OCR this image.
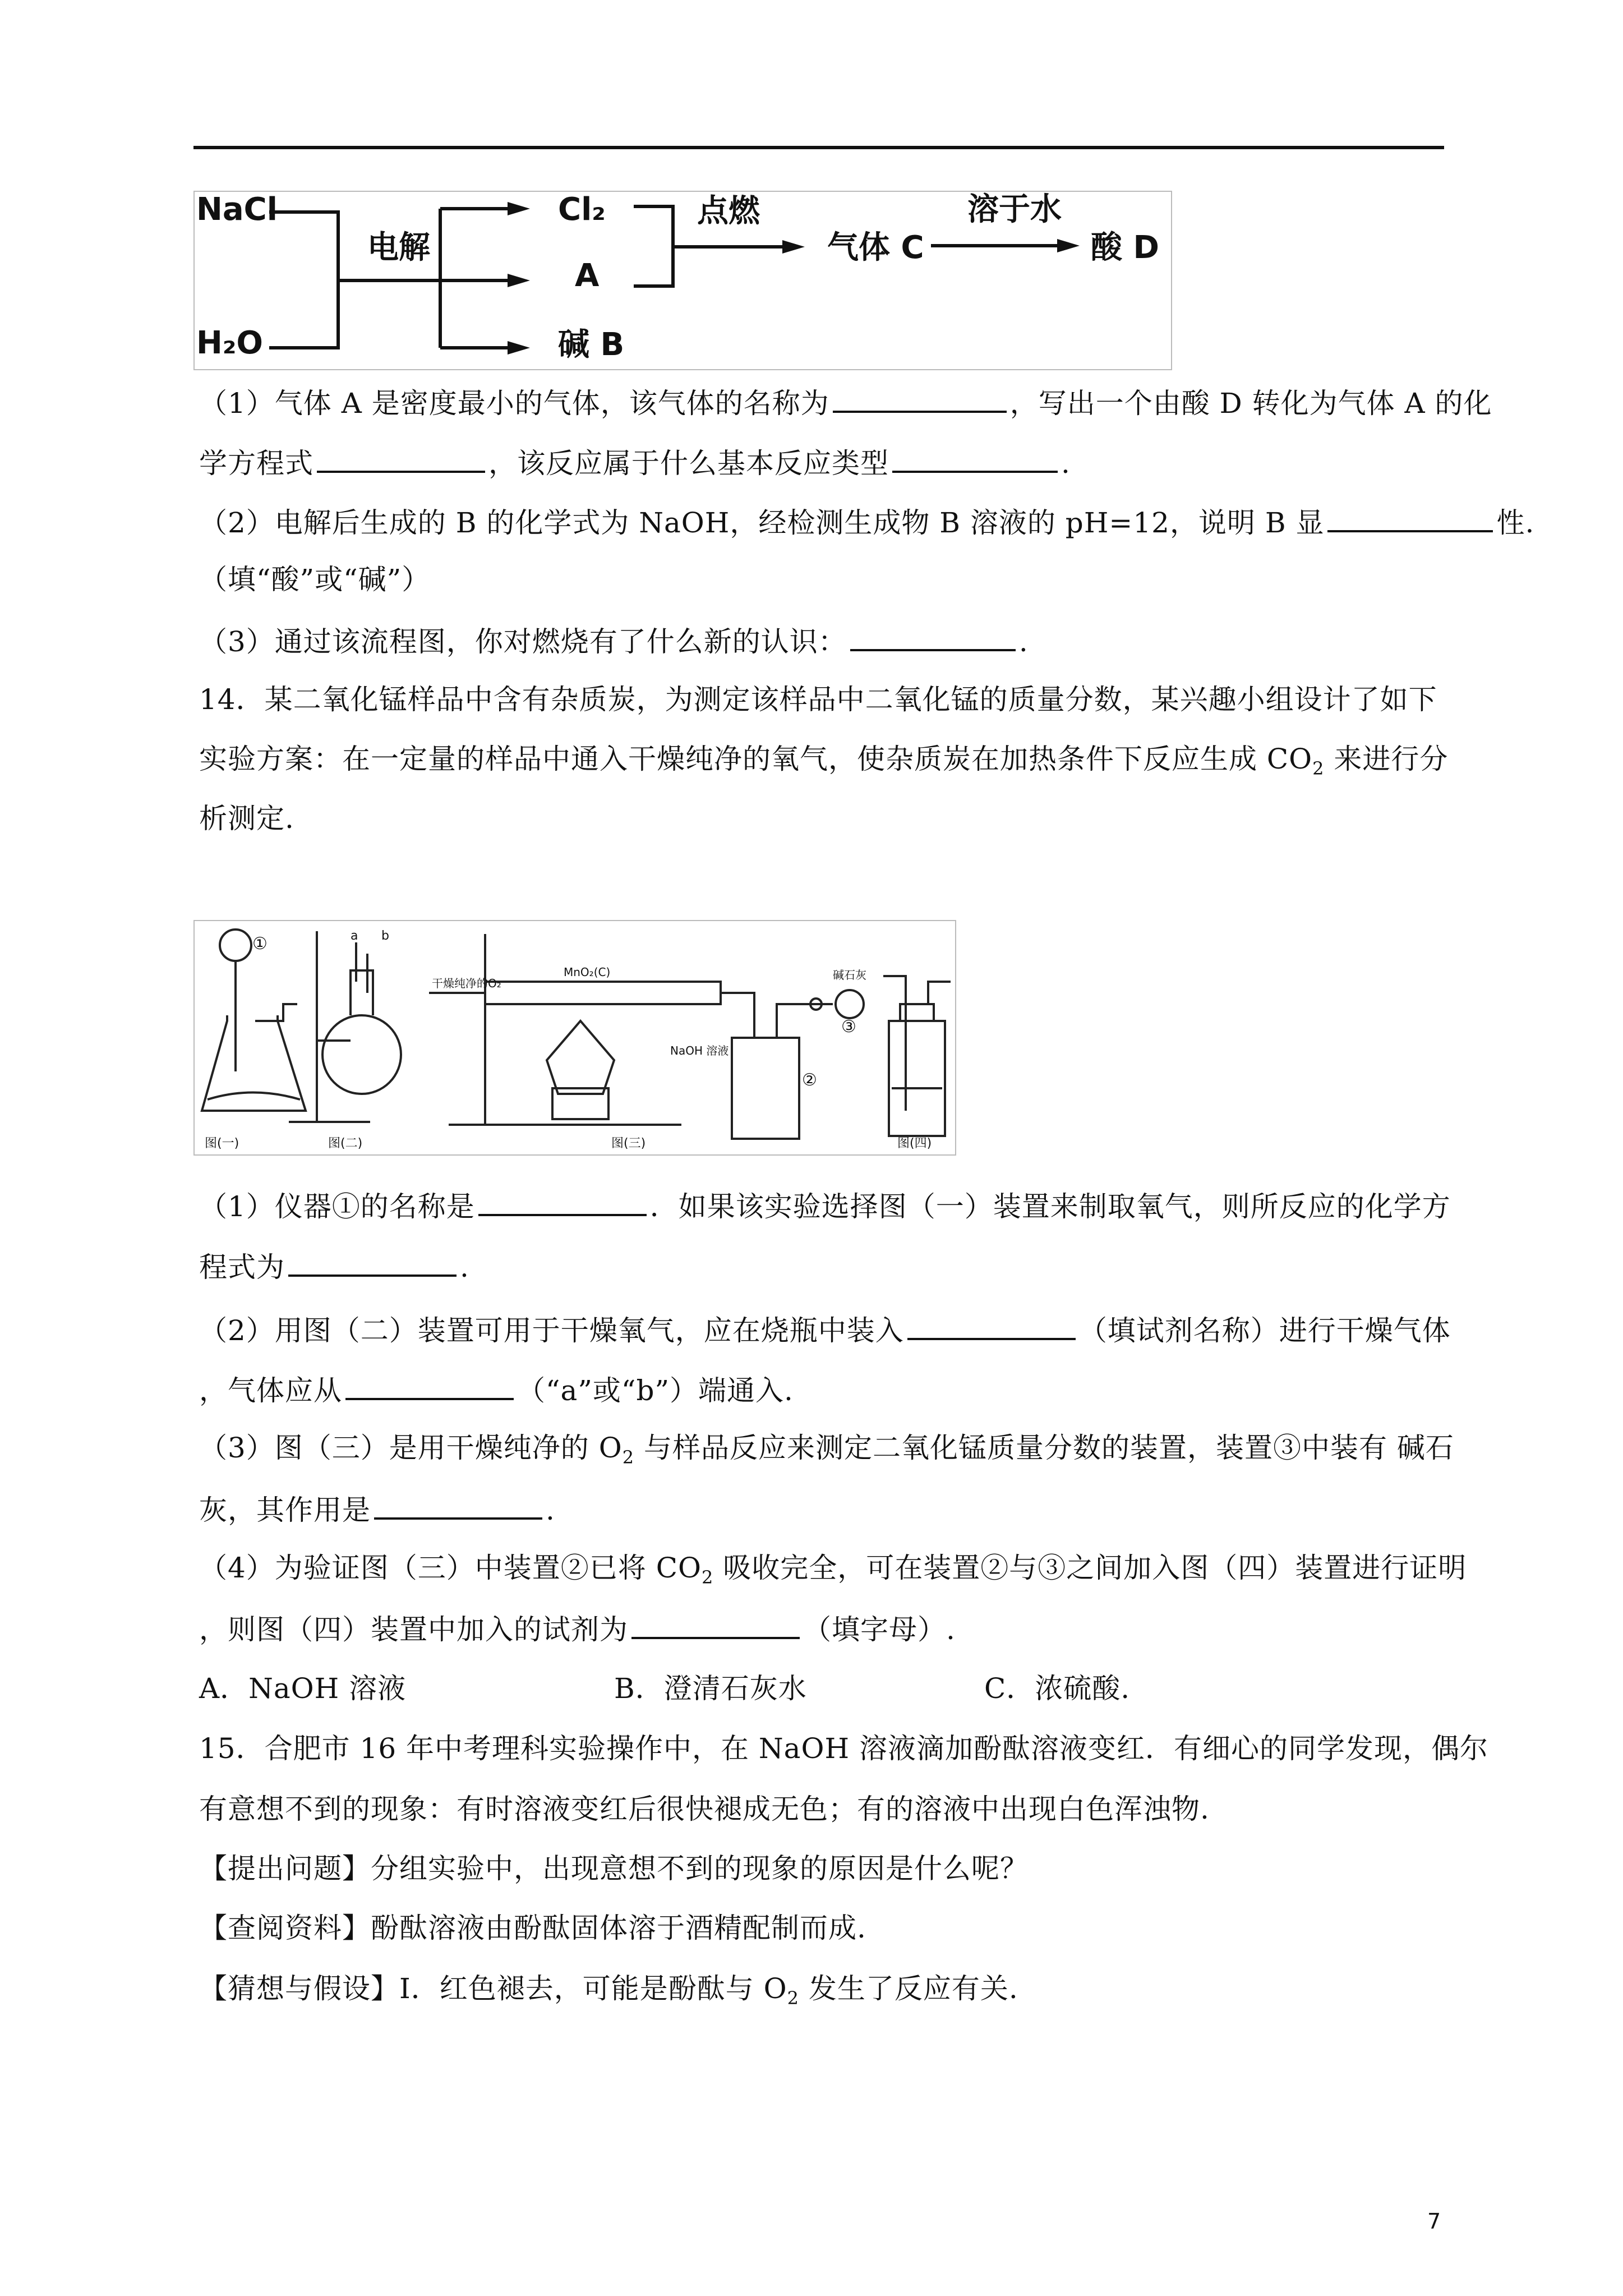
NaCl
H₂O
电解
Cl₂
A
碱 B
点燃
气体 C
溶于水
酸 D
（1）气体 A 是密度最小的气体，该气体的名称为	，写出一个由酸 D 转化为气体 A 的化
学方程式	，该反应属于什么基本反应类型	.
（2）电解后生成的 B 的化学式为 NaOH，经检测生成物 B 溶液的 pH=12，说明 B 显	性.
（填“酸”或“碱”）
（3）通过该流程图，你对燃烧有了什么新的认识：	.
14．某二氧化锰样品中含有杂质炭，为测定该样品中二氧化锰的质量分数，某兴趣小组设计了如下
实验方案：在一定量的样品中通入干燥纯净的氧气，使杂质炭在加热条件下反应生成 $CO_2$ 来进行分
析测定.
①	a b
干燥纯净的O₂
MnO₂(C)	碱石灰
NaOH 溶液
②
③
图(一)	图(二)	图(三)	图(四)
（1）仪器①的名称是	．如果该实验选择图（一）装置来制取氧气，则所反应的化学方
程式为	.
（2）用图（二）装置可用于干燥氧气，应在烧瓶中装入	（填试剂名称）进行干燥气体
，气体应从	（“a”或“b”）端通入.
（3）图（三）是用干燥纯净的 $O_2$ 与样品反应来测定二氧化锰质量分数的装置，装置③中装有 碱石
灰，其作用是	.
（4）为验证图（三）中装置②已将 $CO_2$ 吸收完全，可在装置②与③之间加入图（四）装置进行证明
，则图（四）装置中加入的试剂为	（填字母）.
A．NaOH 溶液	B．澄清石灰水	C．浓硫酸.
15．合肥市 16 年中考理科实验操作中，在 NaOH 溶液滴加酚酞溶液变红．有细心的同学发现，偶尔
有意想不到的现象：有时溶液变红后很快褪成无色；有的溶液中出现白色浑浊物.
【提出问题】分组实验中，出现意想不到的现象的原因是什么呢？
【查阅资料】酚酞溶液由酚酞固体溶于酒精配制而成.
【猜想与假设】Ⅰ．红色褪去，可能是酚酞与 $O_2$ 发生了反应有关.
7
